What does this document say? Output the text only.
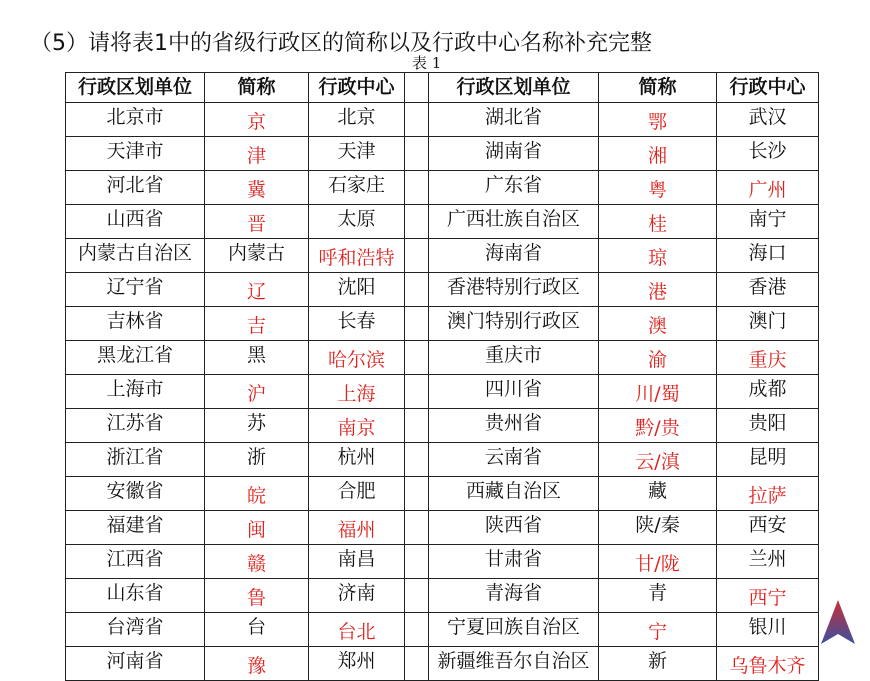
（5）请将表1中的省级行政区的简称以及行政中心名称补充完整
表 1
行政区划单位	简称	行政中心		行政区划单位	简称	行政中心
北京市	京	北京		湖北省	鄂	武汉
天津市	津	天津		湖南省	湘	长沙
河北省	冀	石家庄		广东省	粤	广州
山西省	晋	太原		广西壮族自治区	桂	南宁
内蒙古自治区	内蒙古	呼和浩特		海南省	琼	海口
辽宁省	辽	沈阳		香港特别行政区	港	香港
吉林省	吉	长春		澳门特别行政区	澳	澳门
黑龙江省	黑	哈尔滨		重庆市	渝	重庆
上海市	沪	上海		四川省	川/蜀	成都
江苏省	苏	南京		贵州省	黔/贵	贵阳
浙江省	浙	杭州		云南省	云/滇	昆明
安徽省	皖	合肥		西藏自治区	藏	拉萨
福建省	闽	福州		陕西省	陕/秦	西安
江西省	赣	南昌		甘肃省	甘/陇	兰州
山东省	鲁	济南		青海省	青	西宁
台湾省	台	台北		宁夏回族自治区	宁	银川
河南省	豫	郑州		新疆维吾尔自治区	新	乌鲁木齐
